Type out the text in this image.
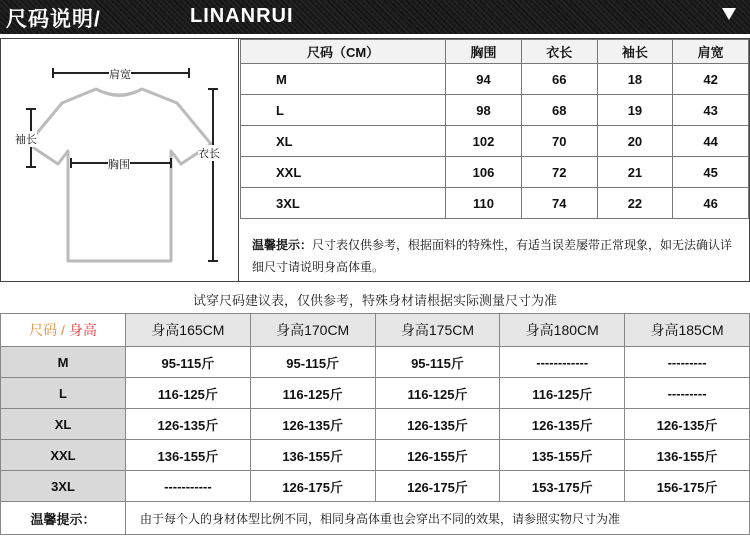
尺码说明/	LINANRUI
肩宽
袖长
胸围
衣长
尺码（CM）	胸围	衣长	袖长	肩宽
M	94	66	18	42
L	98	68	19	43
XL	102	70	20	44
XXL	106	72	21	45
3XL	110	74	22	46
温馨提示：尺寸表仅供参考，根据面料的特殊性，有适当误差屡带正常现象，如无法确认详细尺寸请说明身高体重。
试穿尺码建议表，仅供参考，特殊身材请根据实际测量尺寸为准
尺码 / 身高	身高165CM	身高170CM	身高175CM	身高180CM	身高185CM
M	95-115斤	95-115斤	95-115斤	------------	---------
L	116-125斤	116-125斤	116-125斤	116-125斤	---------
XL	126-135斤	126-135斤	126-135斤	126-135斤	126-135斤
XXL	136-155斤	136-155斤	126-155斤	135-155斤	136-155斤
3XL	-----------	126-175斤	126-175斤	153-175斤	156-175斤
温馨提示：	由于每个人的身材体型比例不同，相同身高体重也会穿出不同的效果，请参照实物尺寸为准				
